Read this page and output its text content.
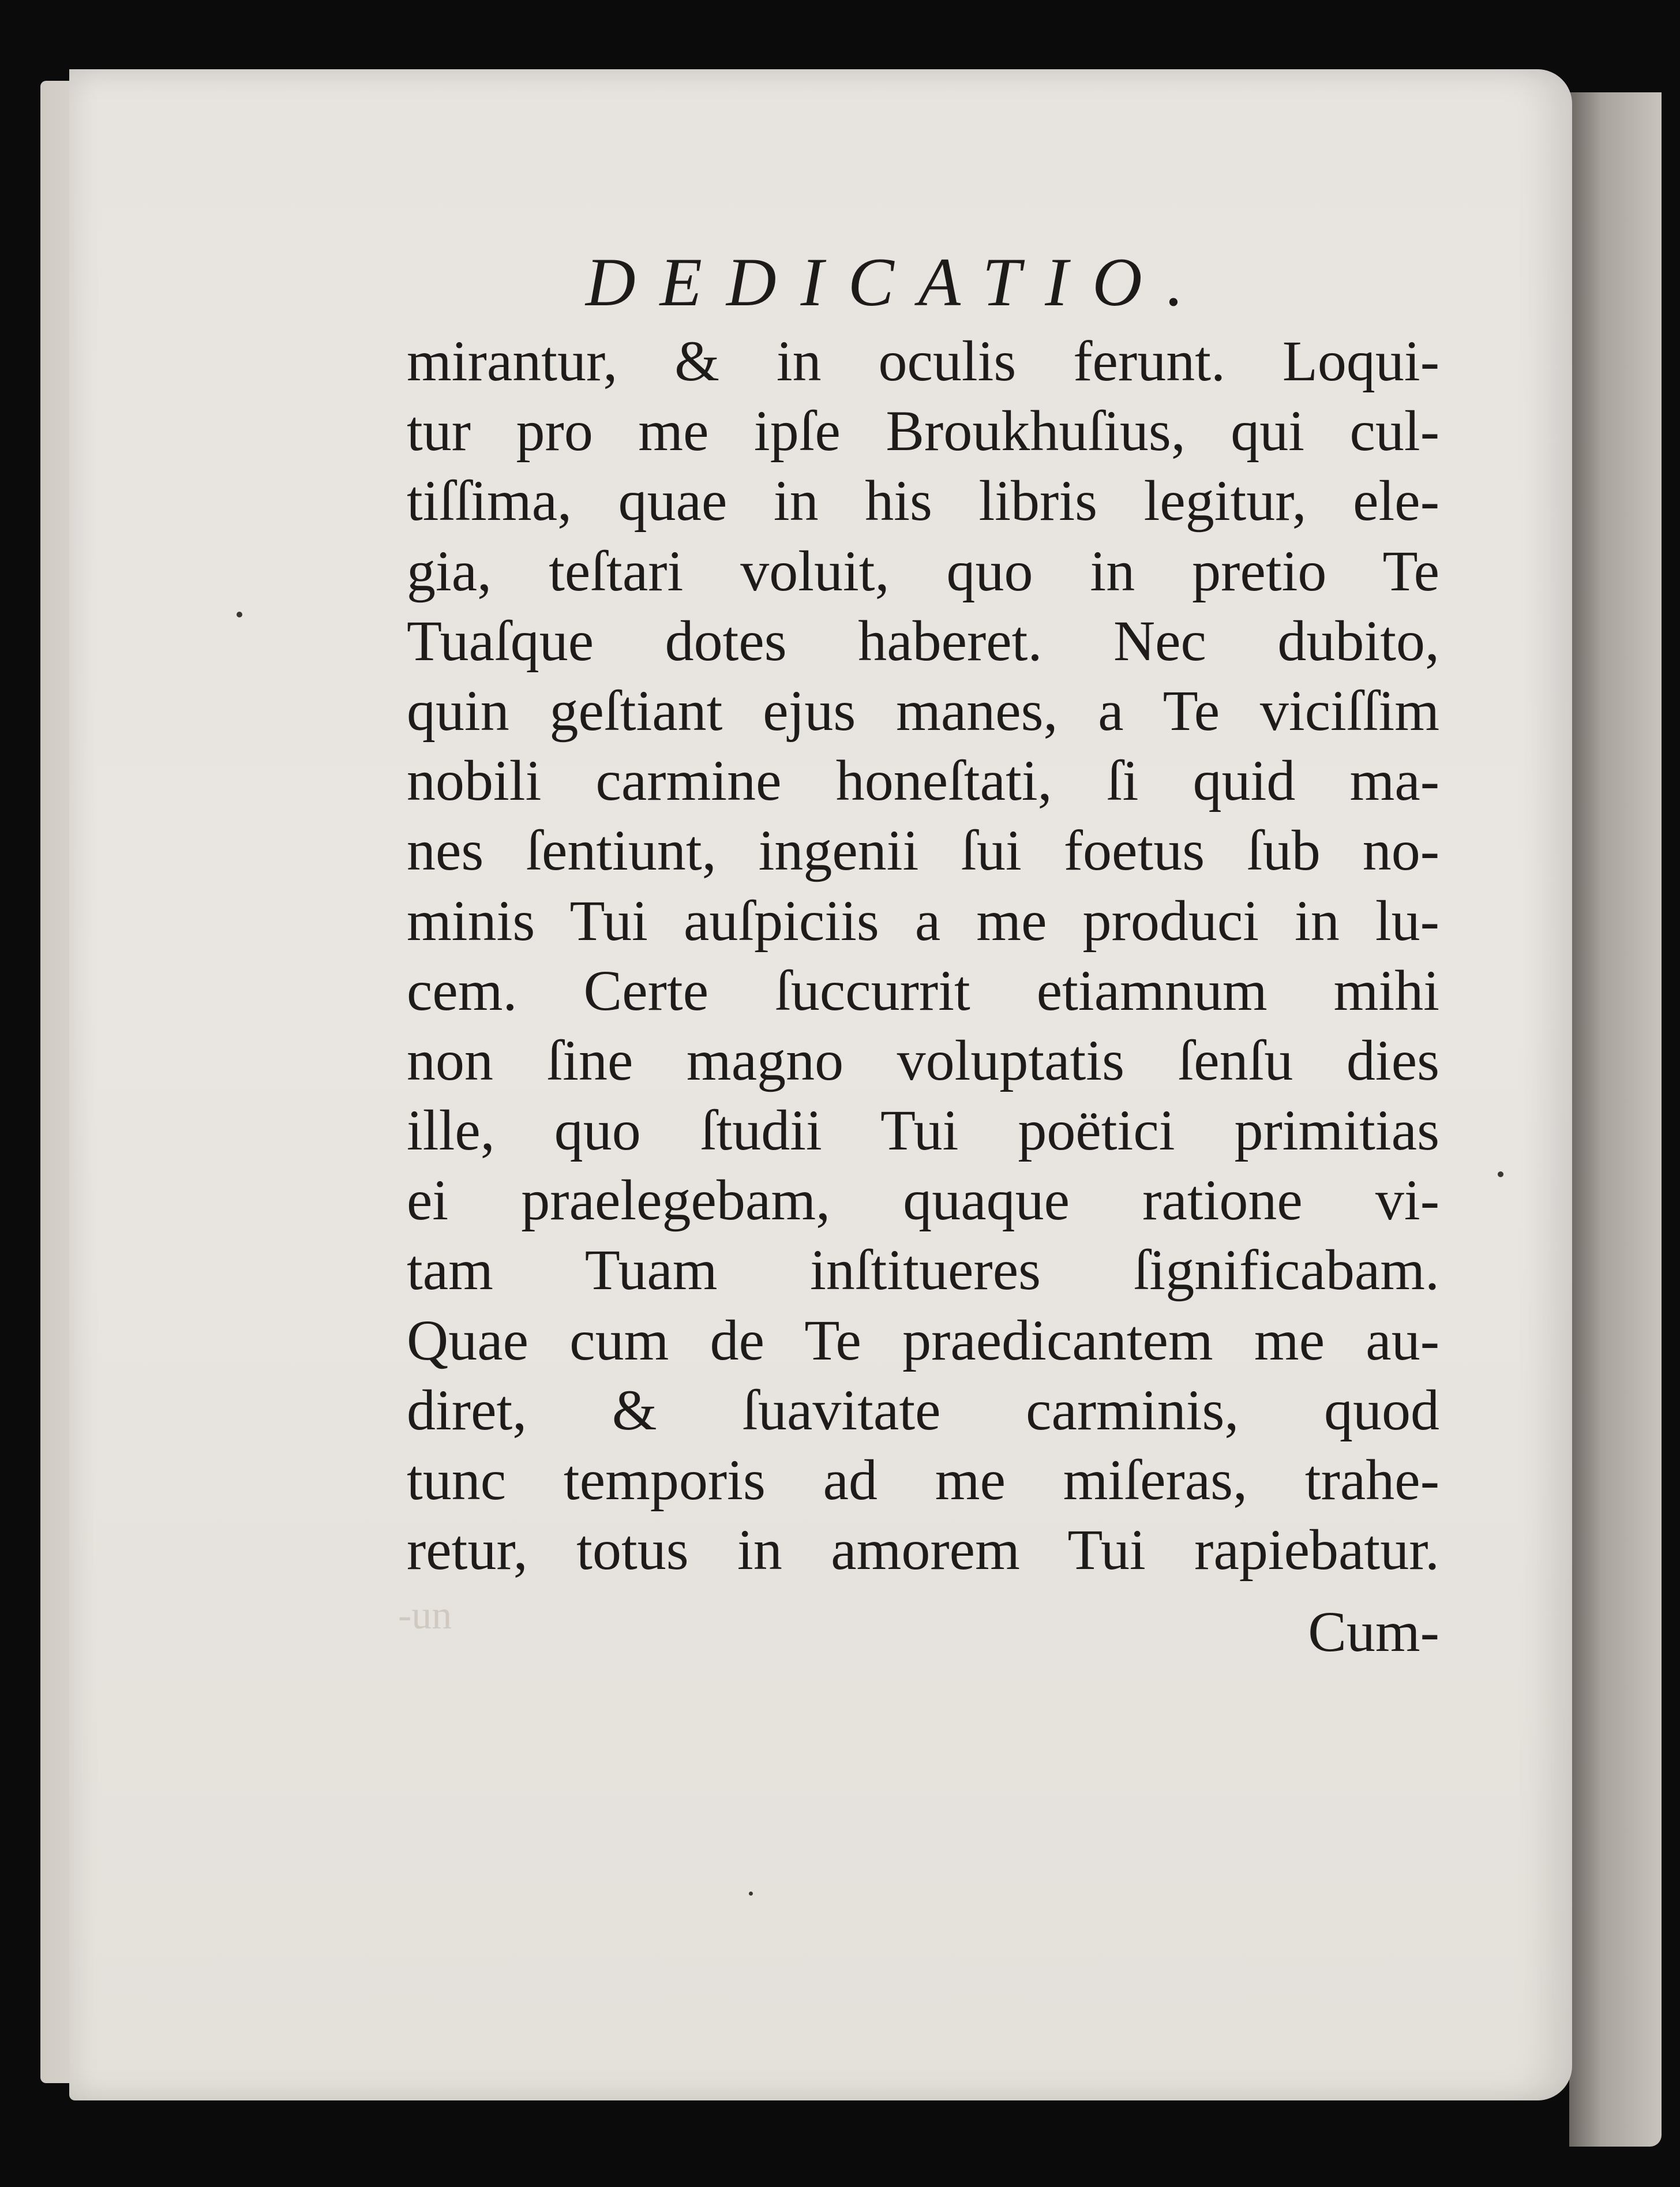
DEDICATIO.
mirantur, & in oculis ferunt. Loqui-
tur pro me ipſe Broukhuſius, qui cul-
tiſſima, quae in his libris legitur, ele-
gia, teſtari voluit, quo in pretio Te
Tuaſque dotes haberet. Nec dubito,
quin geſtiant ejus manes, a Te viciſſim
nobili carmine honeſtati, ſi quid ma-
nes ſentiunt, ingenii ſui foetus ſub no-
minis Tui auſpiciis a me produci in lu-
cem. Certe ſuccurrit etiamnum mihi
non ſine magno voluptatis ſenſu dies
ille, quo ſtudii Tui poëtici primitias
ei praelegebam, quaque ratione vi-
tam Tuam inſtitueres ſignificabam.
Quae cum de Te praedicantem me au-
diret, & ſuavitate carminis, quod
tunc temporis ad me miſeras, trahe-
retur, totus in amorem Tui rapiebatur.
-un	Cum-
